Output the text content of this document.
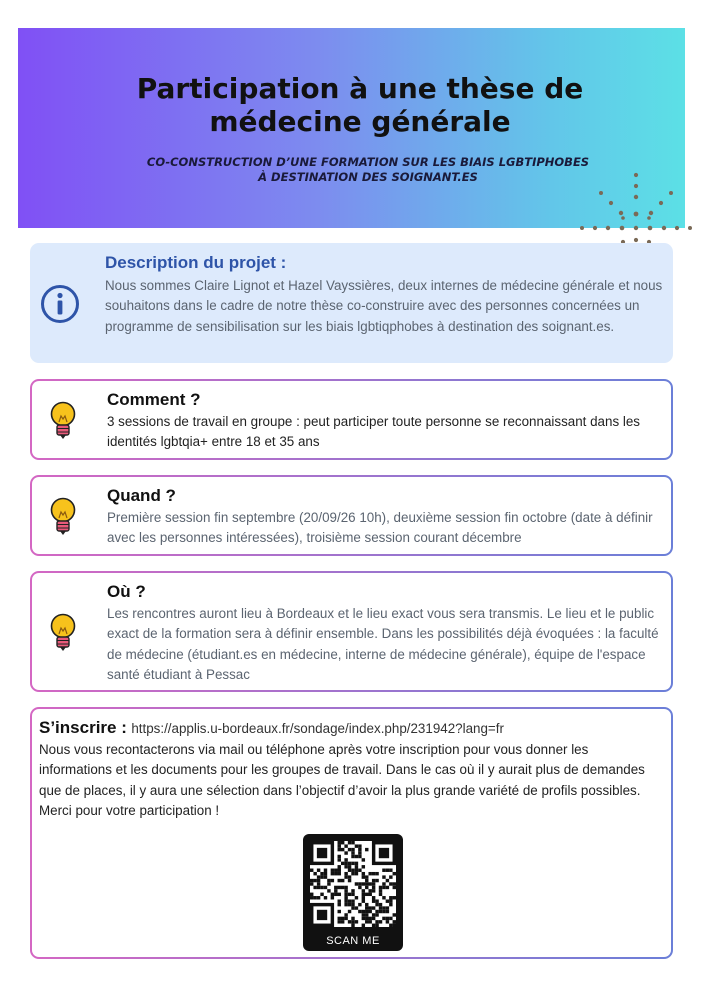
Participation à une thèse de
médecine générale
CO-CONSTRUCTION D’UNE FORMATION SUR LES BIAIS LGBTIPHOBES
À DESTINATION DES SOIGNANT.ES
Description du projet :
Nous sommes Claire Lignot et Hazel Vayssières, deux internes de médecine générale et nous souhaitons dans le cadre de notre thèse co-construire avec des personnes concernées un programme de sensibilisation sur les biais lgbtiqphobes à destination des soignant.es.
Comment ?
3 sessions de travail en groupe : peut participer toute personne se reconnaissant dans les identités lgbtqia+ entre 18 et 35 ans
Quand ?
Première session fin septembre (20/09/26 10h), deuxième session fin octobre (date à définir avec les personnes intéressées), troisième session courant décembre
Où ?
Les rencontres auront lieu à Bordeaux et le lieu exact vous sera transmis. Le lieu et le public exact de la formation sera à définir ensemble. Dans les possibilités déjà évoquées : la faculté de médecine (étudiant.es en médecine, interne de médecine générale), équipe de l'espace santé étudiant à Pessac
S’inscrire : https://applis.u-bordeaux.fr/sondage/index.php/231942?lang=fr
Nous vous recontacterons via mail ou téléphone après votre inscription pour vous donner les informations et les documents pour les groupes de travail. Dans le cas où il y aurait plus de demandes que de places, il y aura une sélection dans l’objectif d’avoir la plus grande variété de profils possibles. Merci pour votre participation !
SCAN ME
